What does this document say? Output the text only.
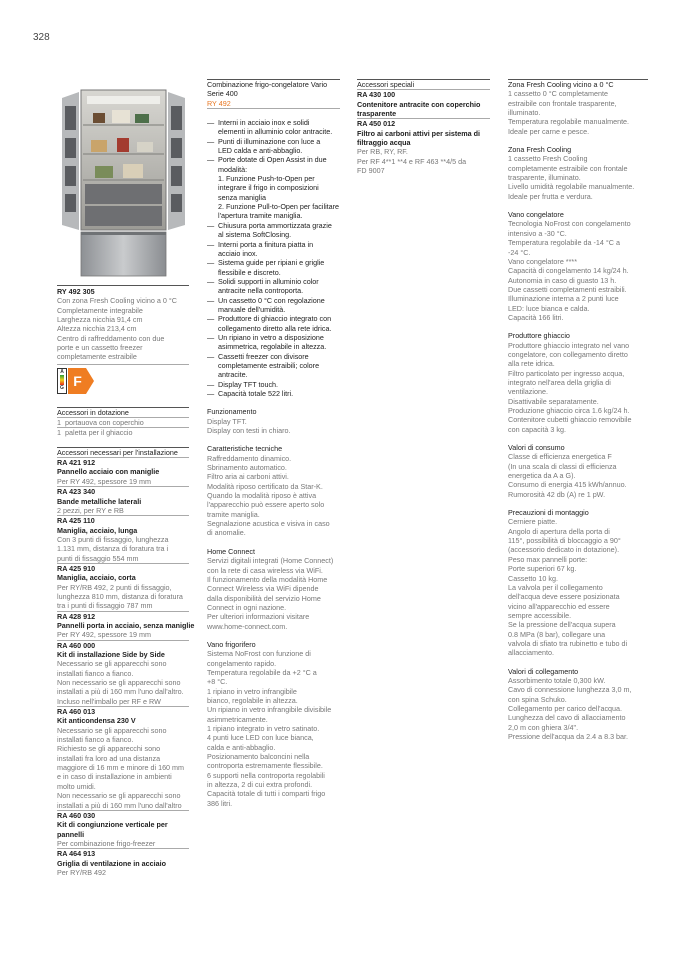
328
RY 492 305
Con zona Fresh Cooling vicino a 0 °C
Completamente integrabile
Larghezza nicchia 91,4 cm
Altezza nicchia 213,4 cm
Centro di raffreddamento con due
porte e un cassetto freezer
completamente estraibile
A
G F
Accessori in dotazione
1 portauova con coperchio
1 paletta per il ghiaccio
Accessori necessari per l'installazione
RA 421 912
Pannello acciaio con maniglie
Per RY 492, spessore 19 mm
RA 423 340
Bande metalliche laterali
2 pezzi, per RY e RB
RA 425 110
Maniglia, acciaio, lunga
Con 3 punti di fissaggio, lunghezza
1.131 mm, distanza di foratura tra i
punti di fissaggio 554 mm
RA 425 910
Maniglia, acciaio, corta
Per RY/RB 492, 2 punti di fissaggio,
lunghezza 810 mm, distanza di foratura
tra i punti di fissaggio 787 mm
RA 428 912
Pannelli porta in acciaio, senza maniglie
Per RY 492, spessore 19 mm
RA 460 000
Kit di installazione Side by Side
Necessario se gli apparecchi sono
installati fianco a fianco.
Non necessario se gli apparecchi sono
installati a più di 160 mm l'uno dall'altro.
Incluso nell'imballo per RF e RW
RA 460 013
Kit anticondensa 230 V
Necessario se gli apparecchi sono
installati fianco a fianco.
Richiesto se gli apparecchi sono
installati fra loro ad una distanza
maggiore di 16 mm e minore di 160 mm
e in caso di installazione in ambienti
molto umidi.
Non necessario se gli apparecchi sono
installati a più di 160 mm l'uno dall'altro
RA 460 030
Kit di congiunzione verticale per
pannelli
Per combinazione frigo-freezer
RA 464 913
Griglia di ventilazione in acciaio
Per RY/RB 492
Combinazione frigo-congelatore Vario
Serie 400
RY 492
— Interni in acciaio inox e solidi
elementi in alluminio color antracite.
— Punti di illuminazione con luce a
LED calda e anti-abbaglio.
— Porte dotate di Open Assist in due
modalità:
1. Funzione Push-to-Open per
integrare il frigo in composizioni
senza maniglia
2. Funzione Pull-to-Open per facilitare
l'apertura tramite maniglia.
— Chiusura porta ammortizzata grazie
al sistema SoftClosing.
— Interni porta a finitura piatta in
acciaio inox.
— Sistema guide per ripiani e griglie
flessibile e discreto.
— Solidi supporti in alluminio color
antracite nella controporta.
— Un cassetto 0 °C con regolazione
manuale dell'umidità.
— Produttore di ghiaccio integrato con
collegamento diretto alla rete idrica.
— Un ripiano in vetro a disposizione
asimmetrica, regolabile in altezza.
— Cassetti freezer con divisore
completamente estraibili; colore
antracite.
— Display TFT touch.
— Capacità totale 522 litri.
Funzionamento
Display TFT.
Display con testi in chiaro.
Caratteristiche tecniche
Raffreddamento dinamico.
Sbrinamento automatico.
Filtro aria ai carboni attivi.
Modalità riposo certificato da Star-K.
Quando la modalità riposo è attiva
l'apparecchio può essere aperto solo
tramite maniglia.
Segnalazione acustica e visiva in caso
di anomalie.
Home Connect
Servizi digitali integrati (Home Connect)
con la rete di casa wireless via WiFi.
Il funzionamento della modalità Home
Connect Wireless via WiFi dipende
dalla disponibilità del servizio Home
Connect in ogni nazione.
Per ulteriori informazioni visitare
www.home-connect.com.
Vano frigorifero
Sistema NoFrost con funzione di
congelamento rapido.
Temperatura regolabile da +2 °C a
+8 °C.
1 ripiano in vetro infrangibile
bianco, regolabile in altezza.
Un ripiano in vetro infrangibile divisibile
asimmetricamente.
1 ripiano integrato in vetro satinato.
4 punti luce LED con luce bianca,
calda e anti-abbaglio.
Posizionamento balconcini nella
controporta estremamente flessibile.
6 supporti nella controporta regolabili
in altezza, 2 di cui extra profondi.
Capacità totale di tutti i comparti frigo
386 litri.
Accessori speciali
RA 430 100
Contenitore antracite con coperchio
trasparente
RA 450 012
Filtro ai carboni attivi per sistema di
filtraggio acqua
Per RB, RY, RF.
Per RF 4**1 **4 e RF 463 **4/5 da
FD 9007
Zona Fresh Cooling vicino a 0 °C
1 cassetto 0 °C completamente
estraibile con frontale trasparente,
illuminato.
Temperatura regolabile manualmente.
Ideale per carne e pesce.
Zona Fresh Cooling
1 cassetto Fresh Cooling
completamente estraibile con frontale
trasparente, illuminato.
Livello umidità regolabile manualmente.
Ideale per frutta e verdura.
Vano congelatore
Tecnologia NoFrost con congelamento
intensivo a -30 °C.
Temperatura regolabile da -14 °C a
-24 °C.
Vano congelatore ****
Capacità di congelamento 14 kg/24 h.
Autonomia in caso di guasto 13 h.
Due cassetti completamenti estraibili.
Illuminazione interna a 2 punti luce
LED: luce bianca e calda.
Capacità 166 litri.
Produttore ghiaccio
Produttore ghiaccio integrato nel vano
congelatore, con collegamento diretto
alla rete idrica.
Filtro particolato per ingresso acqua,
integrato nell'area della griglia di
ventilazione.
Disattivabile separatamente.
Produzione ghiaccio circa 1.6 kg/24 h.
Contenitore cubetti ghiaccio removibile
con capacità 3 kg.
Valori di consumo
Classe di efficienza energetica F
(In una scala di classi di efficienza
energetica da A a G).
Consumo di energia 415 kWh/annuo.
Rumorosità 42 db (A) re 1 pW.
Precauzioni di montaggio
Cerniere piatte.
Angolo di apertura della porta di
115°, possibilità di bloccaggio a 90°
(accessorio dedicato in dotazione).
Peso max pannelli porte:
Porte superiori 67 kg.
Cassetto 10 kg.
La valvola per il collegamento
dell'acqua deve essere posizionata
vicino all'apparecchio ed essere
sempre accessibile.
Se la pressione dell'acqua supera
0.8 MPa (8 bar), collegare una
valvola di sfiato tra rubinetto e tubo di
allacciamento.
Valori di collegamento
Assorbimento totale 0,300 kW.
Cavo di connessione lunghezza 3,0 m,
con spina Schuko.
Collegamento per carico dell'acqua.
Lunghezza del cavo di allacciamento
2,0 m con ghiera 3/4".
Pressione dell'acqua da 2.4 a 8.3 bar.
